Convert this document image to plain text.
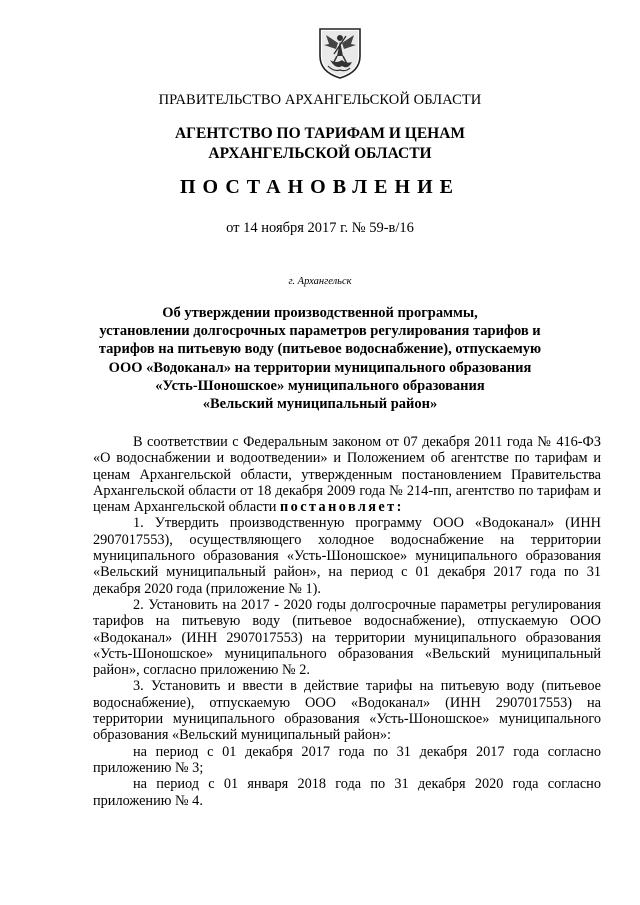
ПРАВИТЕЛЬСТВО АРХАНГЕЛЬСКОЙ ОБЛАСТИ
АГЕНТСТВО ПО ТАРИФАМ И ЦЕНАМ
АРХАНГЕЛЬСКОЙ ОБЛАСТИ
ПОСТАНОВЛЕНИЕ
от 14 ноября 2017 г. № 59-в/16
г. Архангельск
Об утверждении производственной программы,
установлении долгосрочных параметров регулирования тарифов и
тарифов на питьевую воду (питьевое водоснабжение), отпускаемую
ООО «Водоканал» на территории муниципального образования
«Усть-Шоношское» муниципального образования
«Вельский муниципальный район»

В соответствии с Федеральным законом от 07 декабря 2011 года № 416-ФЗ «О водоснабжении и водоотведении» и Положением об агентстве по тарифам и ценам Архангельской области, утвержденным постановлением Правительства Архангельской области от 18 декабря 2009 года № 214-пп, агентство по тарифам и ценам Архангельской области постановляет:

1. Утвердить производственную программу ООО «Водоканал» (ИНН 2907017553), осуществляющего холодное водоснабжение на территории муниципального образования «Усть-Шоношское» муниципального образования «Вельский муниципальный район», на период с 01 декабря 2017 года по 31 декабря 2020 года (приложение № 1).

2. Установить на 2017 - 2020 годы долгосрочные параметры регулирования тарифов на питьевую воду (питьевое водоснабжение), отпускаемую ООО «Водоканал» (ИНН 2907017553) на территории муниципального образования «Усть-Шоношское» муниципального образования «Вельский муниципальный район», согласно приложению № 2.

3. Установить и ввести в действие тарифы на питьевую воду (питьевое водоснабжение), отпускаемую ООО «Водоканал» (ИНН 2907017553) на территории муниципального образования «Усть-Шоношское» муниципального образования «Вельский муниципальный район»:

на период с 01 декабря 2017 года по 31 декабря 2017 года согласно приложению № 3;

на период с 01 января 2018 года по 31 декабря 2020 года согласно приложению № 4.
